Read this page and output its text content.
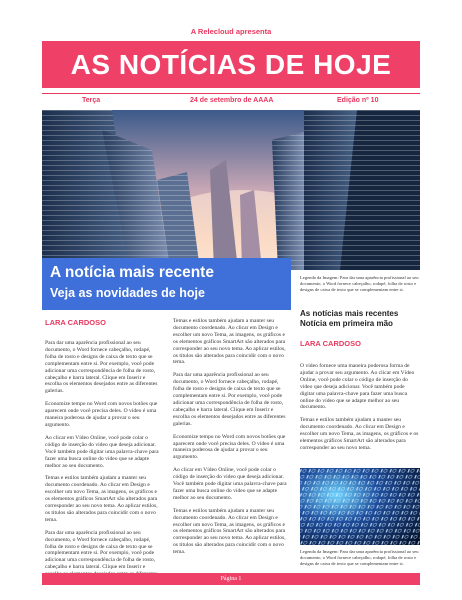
A Relecloud apresenta
AS NOTÍCIAS DE HOJE
Terça	24 de setembro de AAAA	Edição nº 10
A notícia mais recente
Veja as novidades de hoje
Legenda da Imagem: Para dar uma aparência profissional ao seu documento, o Word fornece cabeçalho, rodapé, folha de rosto e designs de caixa de texto que se complementam entre si.
LARA CARDOSO

Para dar uma aparência profissional ao seu documento, o Word fornece cabeçalho, rodapé, folha de rosto e designs de caixa de texto que se complementam entre si. Por exemplo, você pode adicionar uma correspondência de folha de rosto, cabeçalho e barra lateral. Clique em Inserir e escolha os elementos desejados entre as diferentes galerias.

Economize tempo no Word com novos botões que aparecem onde você precisa deles. O vídeo é uma maneira poderosa de ajudar a provar o seu argumento.

Ao clicar em Vídeo Online, você pode colar o código de inserção do vídeo que deseja adicionar. Você também pode digitar uma palavra-chave para fazer uma busca online do vídeo que se adapte melhor ao seu documento.

Temas e estilos também ajudam a manter seu documento coordenado. Ao clicar em Design e escolher um novo Tema, as imagens, os gráficos e os elementos gráficos SmartArt são alterados para corresponder ao seu novo tema. Ao aplicar estilos, os títulos são alterados para coincidir com o novo tema.

Para dar uma aparência profissional ao seu documento, o Word fornece cabeçalho, rodapé, folha de rosto e designs de caixa de texto que se complementam entre si. Por exemplo, você pode adicionar uma correspondência de folha de rosto, cabeçalho e barra lateral. Clique em Inserir e

Temas e estilos também ajudam a manter seu documento coordenado. Ao clicar em Design e escolher um novo Tema, as imagens, os gráficos e os elementos gráficos SmartArt são alterados para corresponder ao seu novo tema. Ao aplicar estilos, os títulos são alterados para coincidir com o novo tema.

Para dar uma aparência profissional ao seu documento, o Word fornece cabeçalho, rodapé, folha de rosto e designs de caixa de texto que se complementam entre si. Por exemplo, você pode adicionar uma correspondência de folha de rosto, cabeçalho e barra lateral. Clique em Inserir e escolha os elementos desejados entre as diferentes galerias.

Economize tempo no Word com novos botões que aparecem onde você precisa deles. O vídeo é uma maneira poderosa de ajudar a provar o seu argumento.

Ao clicar em Vídeo Online, você pode colar o código de inserção do vídeo que deseja adicionar. Você também pode digitar uma palavra-chave para fazer uma busca online do vídeo que se adapte melhor ao seu documento.

Temas e estilos também ajudam a manter seu documento coordenado. Ao clicar em Design e escolher um novo Tema, as imagens, os gráficos e os elementos gráficos SmartArt são alterados para corresponder ao seu novo tema. Ao aplicar estilos, os títulos são alterados para coincidir com o novo tema.

As notícias mais recentes Notícia em primeira mão
LARA CARDOSO

O vídeo fornece uma maneira poderosa forma de ajudar a provar seu argumento. Ao clicar em Vídeo Online, você pode colar o código de inserção do vídeo que deseja adicionar. Você também pode digitar uma palavra-chave para fazer uma busca online do vídeo que se adapte melhor ao seu documento.

Temas e estilos também ajudam a manter seu documento coordenado. Ao clicar em Design e escolher um novo Tema, as imagens, os gráficos e os elementos gráficos SmartArt são alterados para corresponder ao seu novo tema.

Legenda da Imagem: Para dar uma aparência profissional ao seu documento, o Word fornece cabeçalho, rodapé, folha de rosto e designs de caixa de texto que se complementam entre si.
Página 1
